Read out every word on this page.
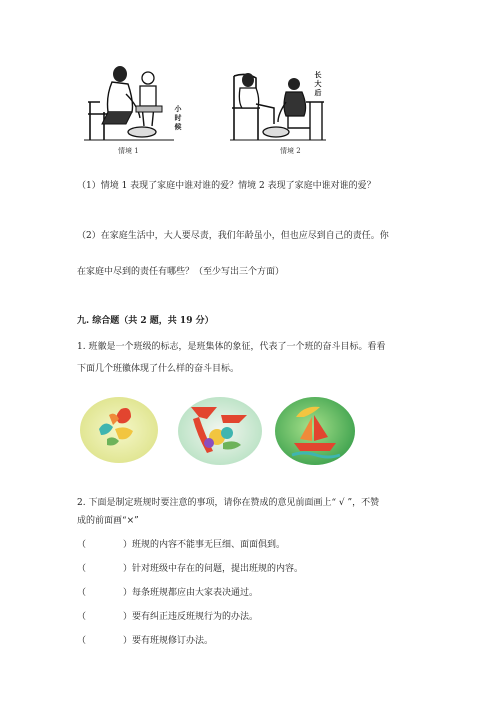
小
时
候
情境 1
长
大
后
情境 2
（1）情境 1 表现了家庭中谁对谁的爱？情境 2 表现了家庭中谁对谁的爱？
（2）在家庭生活中，大人要尽责，我们年龄虽小，但也应尽到自己的责任。你
在家庭中尽到的责任有哪些？（至少写出三个方面）
九. 综合题（共 2 题，共 19 分）
1. 班徽是一个班级的标志，是班集体的象征，代表了一个班的奋斗目标。看看
下面几个班徽体现了什么样的奋斗目标。
2. 下面是制定班规时要注意的事项，请你在赞成的意见前面画上“ √ ”，不赞
成的前面画“×”
（	）班规的内容不能事无巨细、面面俱到。
（	）针对班级中存在的问题，提出班规的内容。
（	）每条班规都应由大家表决通过。
（	）要有纠正违反班规行为的办法。
（	）要有班规修订办法。
